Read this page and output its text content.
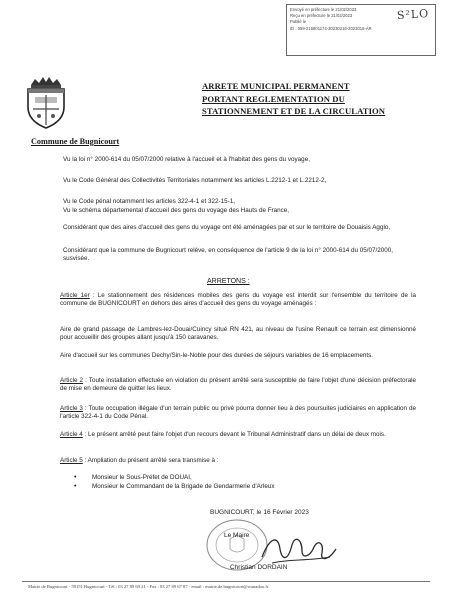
Envoyé en préfecture le 21/02/2023
Reçu en préfecture le 21/02/2023
Publié le
ID : 059-215901174-20230216-2023016-AR
S²LO
Commune de Bugnicourt
ARRETE MUNICIPAL PERMANENT
PORTANT REGLEMENTATION DU
STATIONNEMENT ET DE LA CIRCULATION
Vu la loi n° 2000-614 du 05/07/2000 relative à l'accueil et à l'habitat des gens du voyage,
Vu le Code Général des Collectivités Territoriales notamment les articles L.2212-1 et L.2212-2,
Vu le Code pénal notamment les articles 322-4-1 et 322-15-1,
Vu le schéma départemental d'accueil des gens du voyage des Hauts de France,
Considérant que des aires d'accueil des gens du voyage ont été aménagées par et sur le territoire de Douaisis Agglo,
Considérant que la commune de Bugnicourt relève, en conséquence de l'article 9 de la loi n° 2000-614 du 05/07/2000, susvisée.
ARRETONS :
Article 1er : Le stationnement des résidences mobiles des gens du voyage est interdit sur l'ensemble du territoire de la commune de BUGNICOURT en dehors des aires d'accueil des gens du voyage aménagés :
Aire de grand passage de Lambres-lez-Douai/Cuincy situé RN 421, au niveau de l'usine Renault ce terrain est dimensionné pour accueillir des groupes allant jusqu'à 150 caravanes.
Aire d'accueil sur les communes Dechy/Sin-le-Noble pour des durées de séjours variables de 16 emplacements.
Article 2 : Toute installation effectuée en violation du présent arrêté sera susceptible de faire l'objet d'une décision préfectorale de mise en demeure de quitter les lieux.
Article 3 : Toute occupation illégale d'un terrain public ou privé pourra donner lieu à des poursuites judiciaires en application de l'article 322-4-1 du Code Pénal.
Article 4 : Le présent arrêté peut faire l'objet d'un recours devant le Tribunal Administratif dans un délai de deux mois.
Article 5 : Ampliation du présent arrêté sera transmise à :
• Monsieur le Sous-Préfet de DOUAI,
• Monsieur le Commandant de la Brigade de Gendarmerie d'Arleux
BUGNICOURT, le 16 Février 2023
Le Maire
Christian DORDAIN
Mairie de Bugnicourt - 59151 Bugnicourt - Tél : 03 27 89 69 21 - Fax : 03 27 89 67 87 - email : mairie.de.bugnicourt@wanadoo.fr
